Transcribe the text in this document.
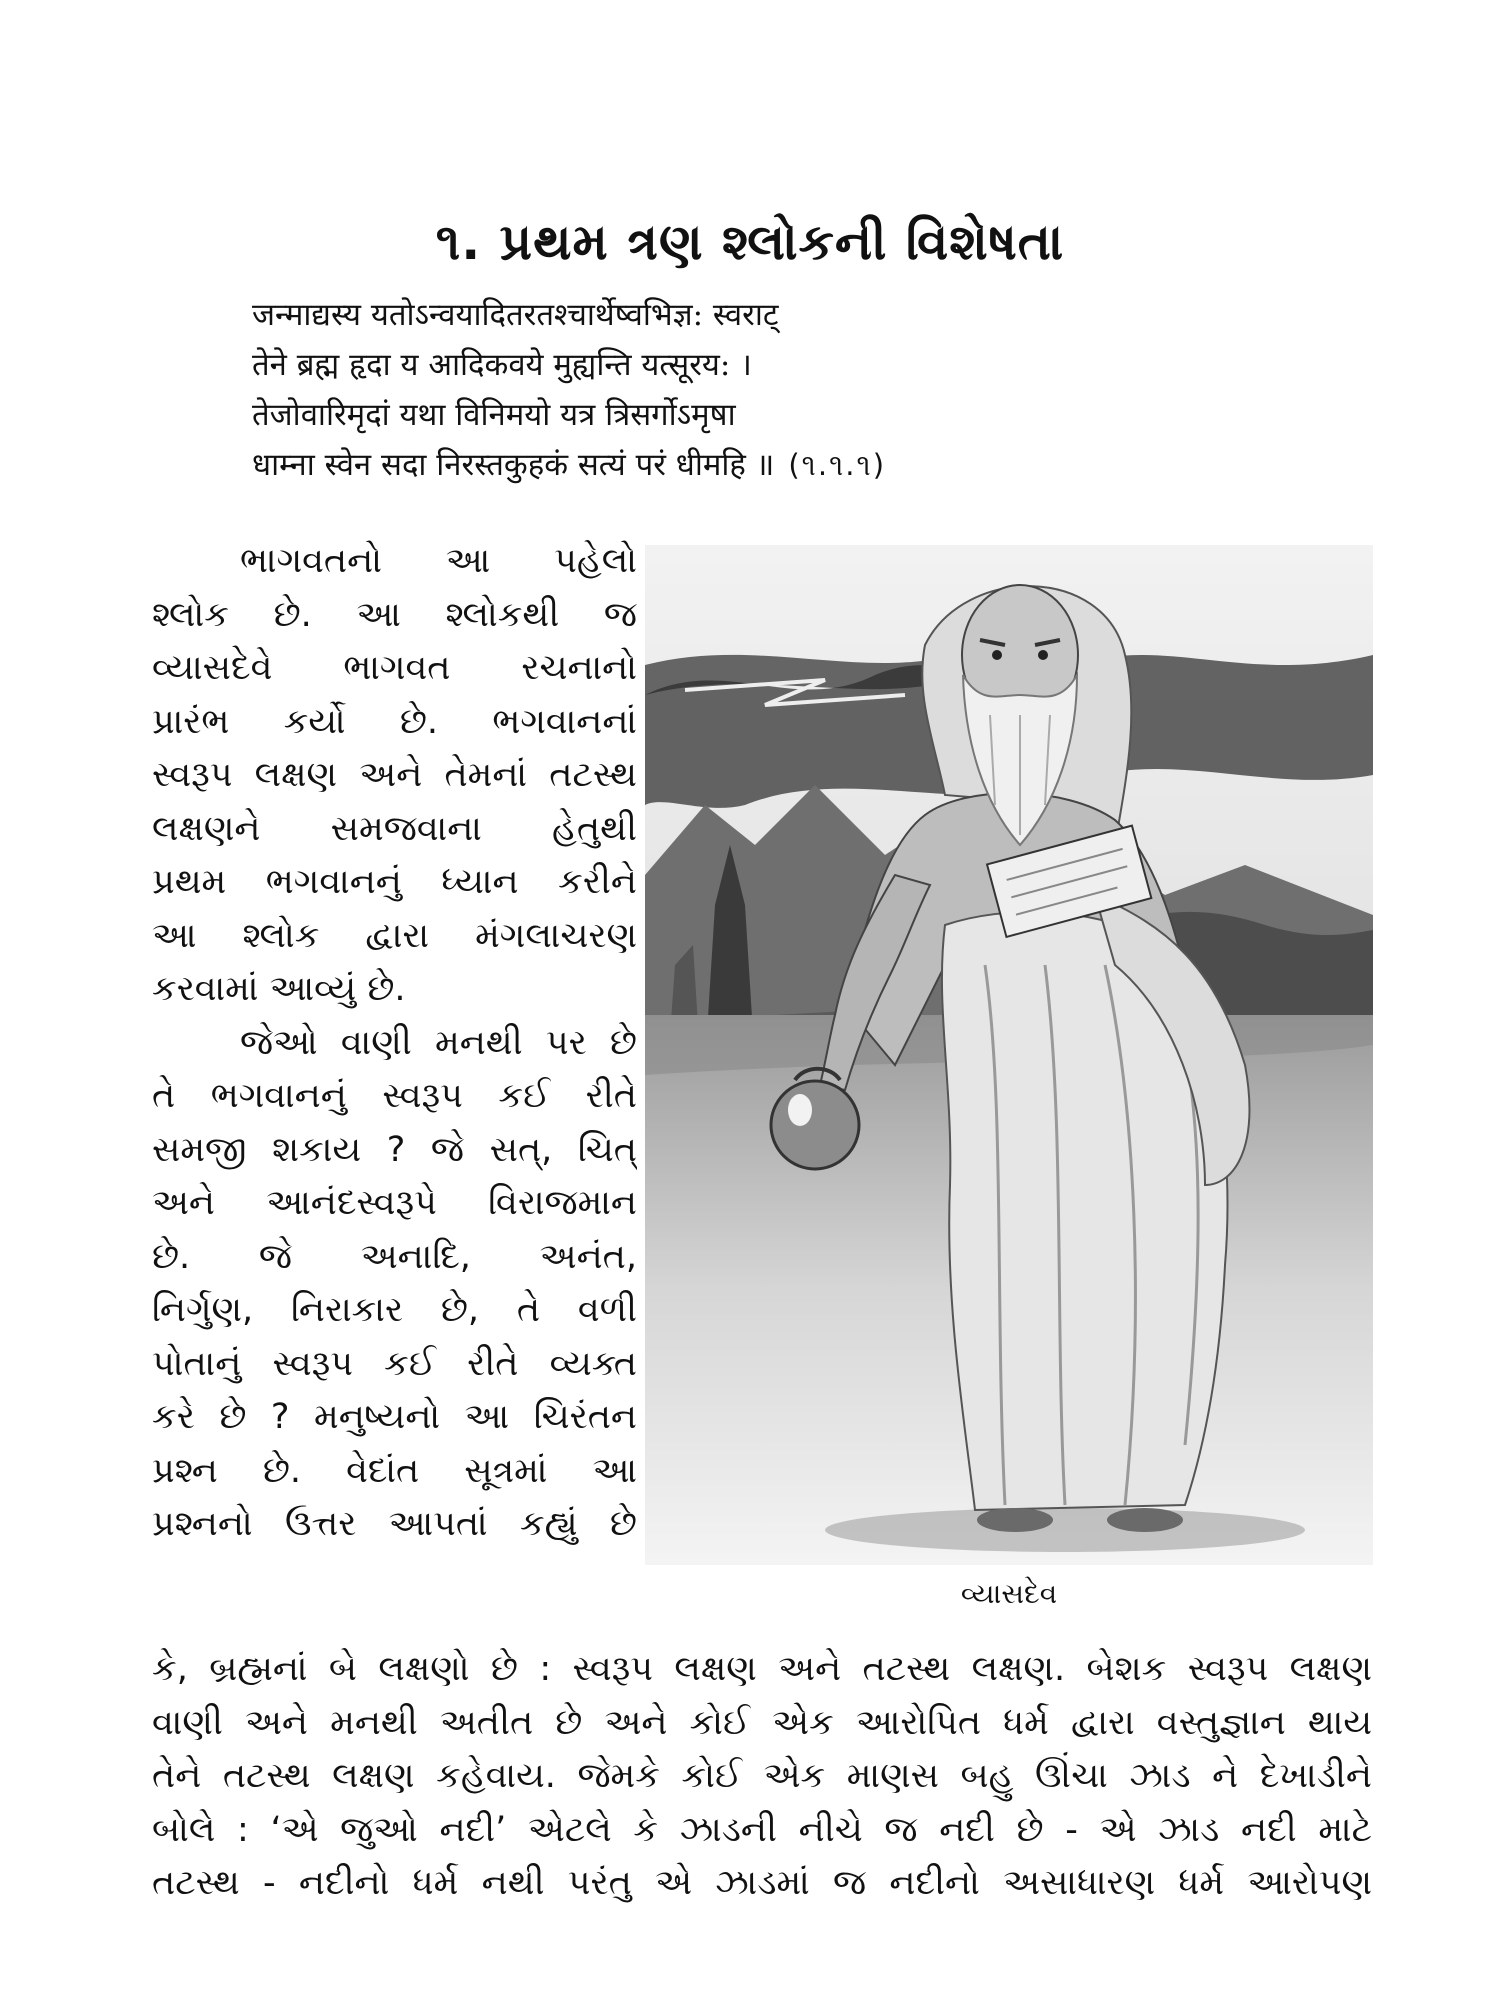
૧. પ્રથમ ત્રણ શ્લોકની વિશેષતા
जन्माद्यस्य यतोऽन्वयादितरतश्चार्थेष्वभिज्ञ: स्वराट्
तेने ब्रह्म हृदा य आदिकवये मुह्यन्ति यत्सूरय: ।
तेजोवारिमृदां यथा विनिमयो यत्र त्रिसर्गोऽमृषा
धाम्ना स्वेन सदा निरस्तकुहकं सत्यं परं धीमहि ॥ (૧.૧.૧)
ભાગવતનો આ પહેલો
શ્લોક છે. આ શ્લોકથી જ
વ્યાસદેવે ભાગવત રચનાનો
પ્રારંભ કર્યો છે. ભગવાનનાં
સ્વરૂપ લક્ષણ અને તેમનાં તટસ્થ
લક્ષણને સમજવાના હેતુથી
પ્રથમ ભગવાનનું ધ્યાન કરીને
આ શ્લોક દ્વારા મંગલાચરણ
કરવામાં આવ્યું છે.
જેઓ વાણી મનથી પર છે
તે ભગવાનનું સ્વરૂપ કઈ રીતે
સમજી શકાય ? જે સત્, ચિત્
અને આનંદસ્વરૂપે વિરાજમાન
છે. જે અનાદિ, અનંત,
નિર્ગુણ, નિરાકાર છે, તે વળી
પોતાનું સ્વરૂપ કઈ રીતે વ્યક્ત
કરે છે ? મનુષ્યનો આ ચિરંતન
પ્રશ્ન છે. વેદાંત સૂત્રમાં આ
પ્રશ્નનો ઉત્તર આપતાં કહ્યું છે
વ્યાસદેવ
કે, બ્રહ્મનાં બે લક્ષણો છે : સ્વરૂપ લક્ષણ અને તટસ્થ લક્ષણ. બેશક સ્વરૂપ લક્ષણ
વાણી અને મનથી અતીત છે અને કોઈ એક આરોપિત ધર્મ દ્વારા વસ્તુજ્ઞાન થાય
તેને તટસ્થ લક્ષણ કહેવાય. જેમકે કોઈ એક માણસ બહુ ઊંચા ઝાડ ને દેખાડીને
બોલે : ‘એ જુઓ નદી’ એટલે કે ઝાડની નીચે જ નદી છે - એ ઝાડ નદી માટે
તટસ્થ - નદીનો ધર્મ નથી પરંતુ એ ઝાડમાં જ નદીનો અસાધારણ ધર્મ આરોપણ
